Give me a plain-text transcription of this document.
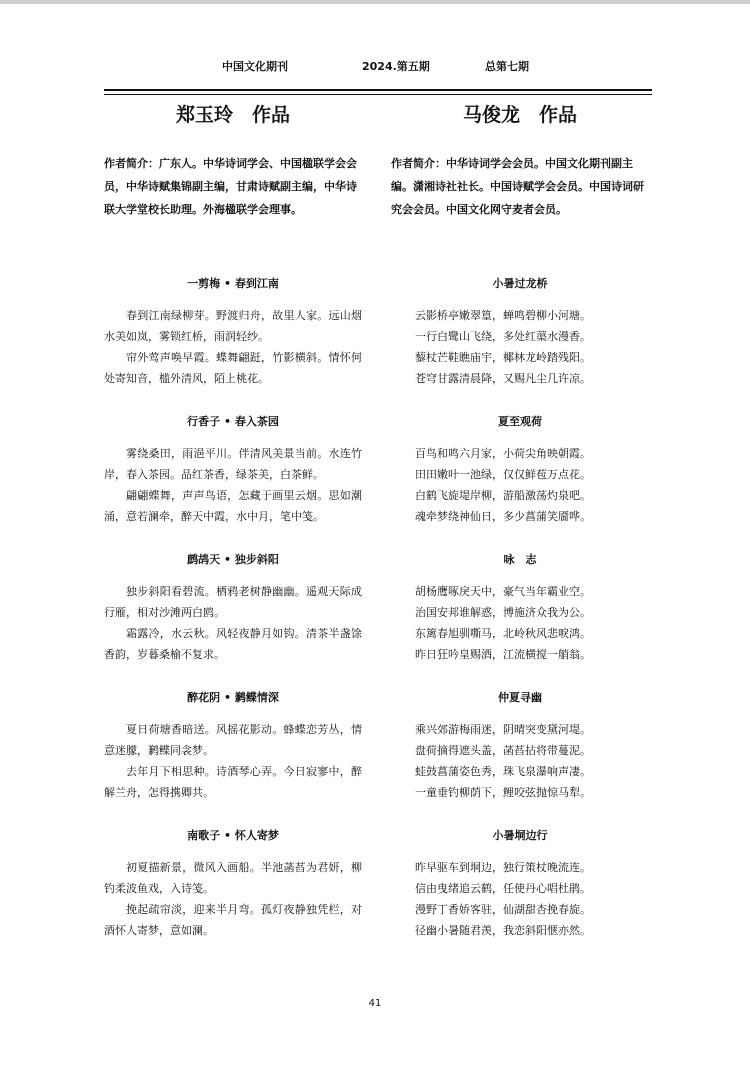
中国文化期刊	2024.第五期	总第七期
郑玉玲　作品
作者简介：广东人。中华诗词学会、中国楹联学会会员，中华诗赋集锦副主编，甘肃诗赋副主编，中华诗联大学堂校长助理。外海楹联学会理事。
一剪梅 • 春到江南
春到江南绿柳芽。野渡归舟，故里人家。远山烟水美如岚，雾锁红桥，雨润轻纱。
帘外莺声唤早霞。蝶舞翩跹，竹影横斜。情怀何处寄知音，槛外清风，陌上桃花。
行香子 • 春入茶园
雾绕桑田，雨浥平川。伴清风美景当前。水连竹岸，春入茶园。品红茶香，绿茶美，白茶鲜。
翩翩蝶舞，声声鸟语，怎藏于画里云烟。思如潮涌，意若澜牵，醉天中霞，水中月，笔中笺。
鹧鸪天 • 独步斜阳
独步斜阳看碧流。栖鸦老树静幽幽。遥观天际成行雁，相对沙滩两白鸥。
霜露冷，水云秋。风轻夜静月如钩。清茶半盏馀香韵，岁暮桑榆不复求。
醉花阴 • 鹣鲽情深
夏日荷塘香暗送。风摇花影动。蜂蝶恋芳丛，情意迷朦，鹣鲽同衾梦。
去年月下相思种。诗酒琴心弄。今日寂寥中，醉解兰舟，怎得携卿共。
南歌子 • 怀人寄梦
初夏描新景，微风入画船。半池菡萏为君妍，柳钓柔波鱼戏，入诗笺。
挽起疏帘淡，迎来半月弯。孤灯夜静独凭栏，对酒怀人寄梦，意如澜。
马俊龙　作品
作者简介：中华诗词学会会员。中国文化期刊副主编。潇湘诗社社长。中国诗赋学会会员。中国诗词研究会会员。中国文化网守麦者会员。
小暑过龙桥
云影桥亭嫩翠篁，蝉鸣碧柳小河塘。
一行白鹭山飞绕，多处红蕖水漫香。
藜杖芒鞋瞧庙宇，椰林龙岭踏残阳。
苍穹甘露清晨降，又赐凡尘几许凉。
夏至观荷
百鸟和鸣六月家，小荷尖角映朝霞。
田田嫩叶一池绿，仅仅鲜苞万点花。
白鹤飞旋堤岸柳，游船激荡灼泉吧。
魂牵梦绕神仙日，多少菖蒲笑靥哗。
咏　志
胡杨鹰啄戾天中，豪气当年霸业空。
治国安邦谁解惑，博施济众我为公。
东篱春旭驯嘶马，北岭秋风悲唳鸿。
昨日狂吟皇赐酒，江流横搅一艄翁。
仲夏寻幽
乘兴郊游梅雨迷，阴晴突变黛河堤。
盘荷摘得遮头盖，菡萏拈将带蔓泥。
蛙鼓菖蒲姿色秀，珠飞泉瀑响声凄。
一童垂钓柳荫下，鲤咬弦抛惊马犁。
小暑垌边行
昨早驱车到垌边，独行策杖晚流连。
信由曳绪追云鹤，任使丹心唱杜鹃。
漫野丁香娇客驻，仙湖甜杏挽春旋。
径幽小暑随君羡，我恋斜阳惬亦然。
41
